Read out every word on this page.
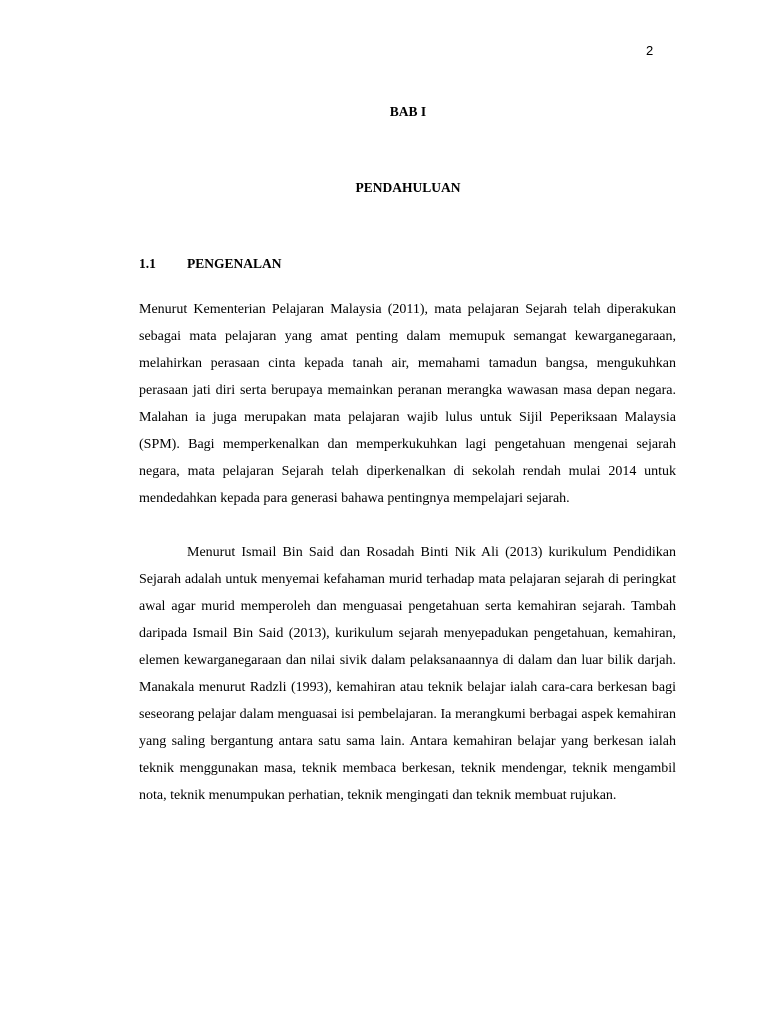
2
BAB I
PENDAHULUAN
1.1	PENGENALAN

Menurut Kementerian Pelajaran Malaysia (2011), mata pelajaran Sejarah telah diperakukan sebagai mata pelajaran yang amat penting dalam memupuk semangat kewarganegaraan, melahirkan perasaan cinta kepada tanah air, memahami tamadun bangsa, mengukuhkan perasaan jati diri serta berupaya memainkan peranan merangka wawasan masa depan negara. Malahan ia juga merupakan mata pelajaran wajib lulus untuk Sijil Peperiksaan Malaysia (SPM). Bagi memperkenalkan dan memperkukuhkan lagi pengetahuan mengenai sejarah negara, mata pelajaran Sejarah telah diperkenalkan di sekolah rendah mulai 2014 untuk mendedahkan kepada para generasi bahawa pentingnya mempelajari sejarah.

Menurut Ismail Bin Said dan Rosadah Binti Nik Ali (2013) kurikulum Pendidikan Sejarah adalah untuk menyemai kefahaman murid terhadap mata pelajaran sejarah di peringkat awal agar murid memperoleh dan menguasai pengetahuan serta kemahiran sejarah. Tambah daripada Ismail Bin Said (2013), kurikulum sejarah menyepadukan pengetahuan, kemahiran, elemen kewarganegaraan dan nilai sivik dalam pelaksanaannya di dalam dan luar bilik darjah. Manakala menurut Radzli (1993), kemahiran atau teknik belajar ialah cara-cara berkesan bagi seseorang pelajar dalam menguasai isi pembelajaran. Ia merangkumi berbagai aspek kemahiran yang saling bergantung antara satu sama lain. Antara kemahiran belajar yang berkesan ialah teknik menggunakan masa, teknik membaca berkesan, teknik mendengar, teknik mengambil nota, teknik menumpukan perhatian, teknik mengingati dan teknik membuat rujukan.
